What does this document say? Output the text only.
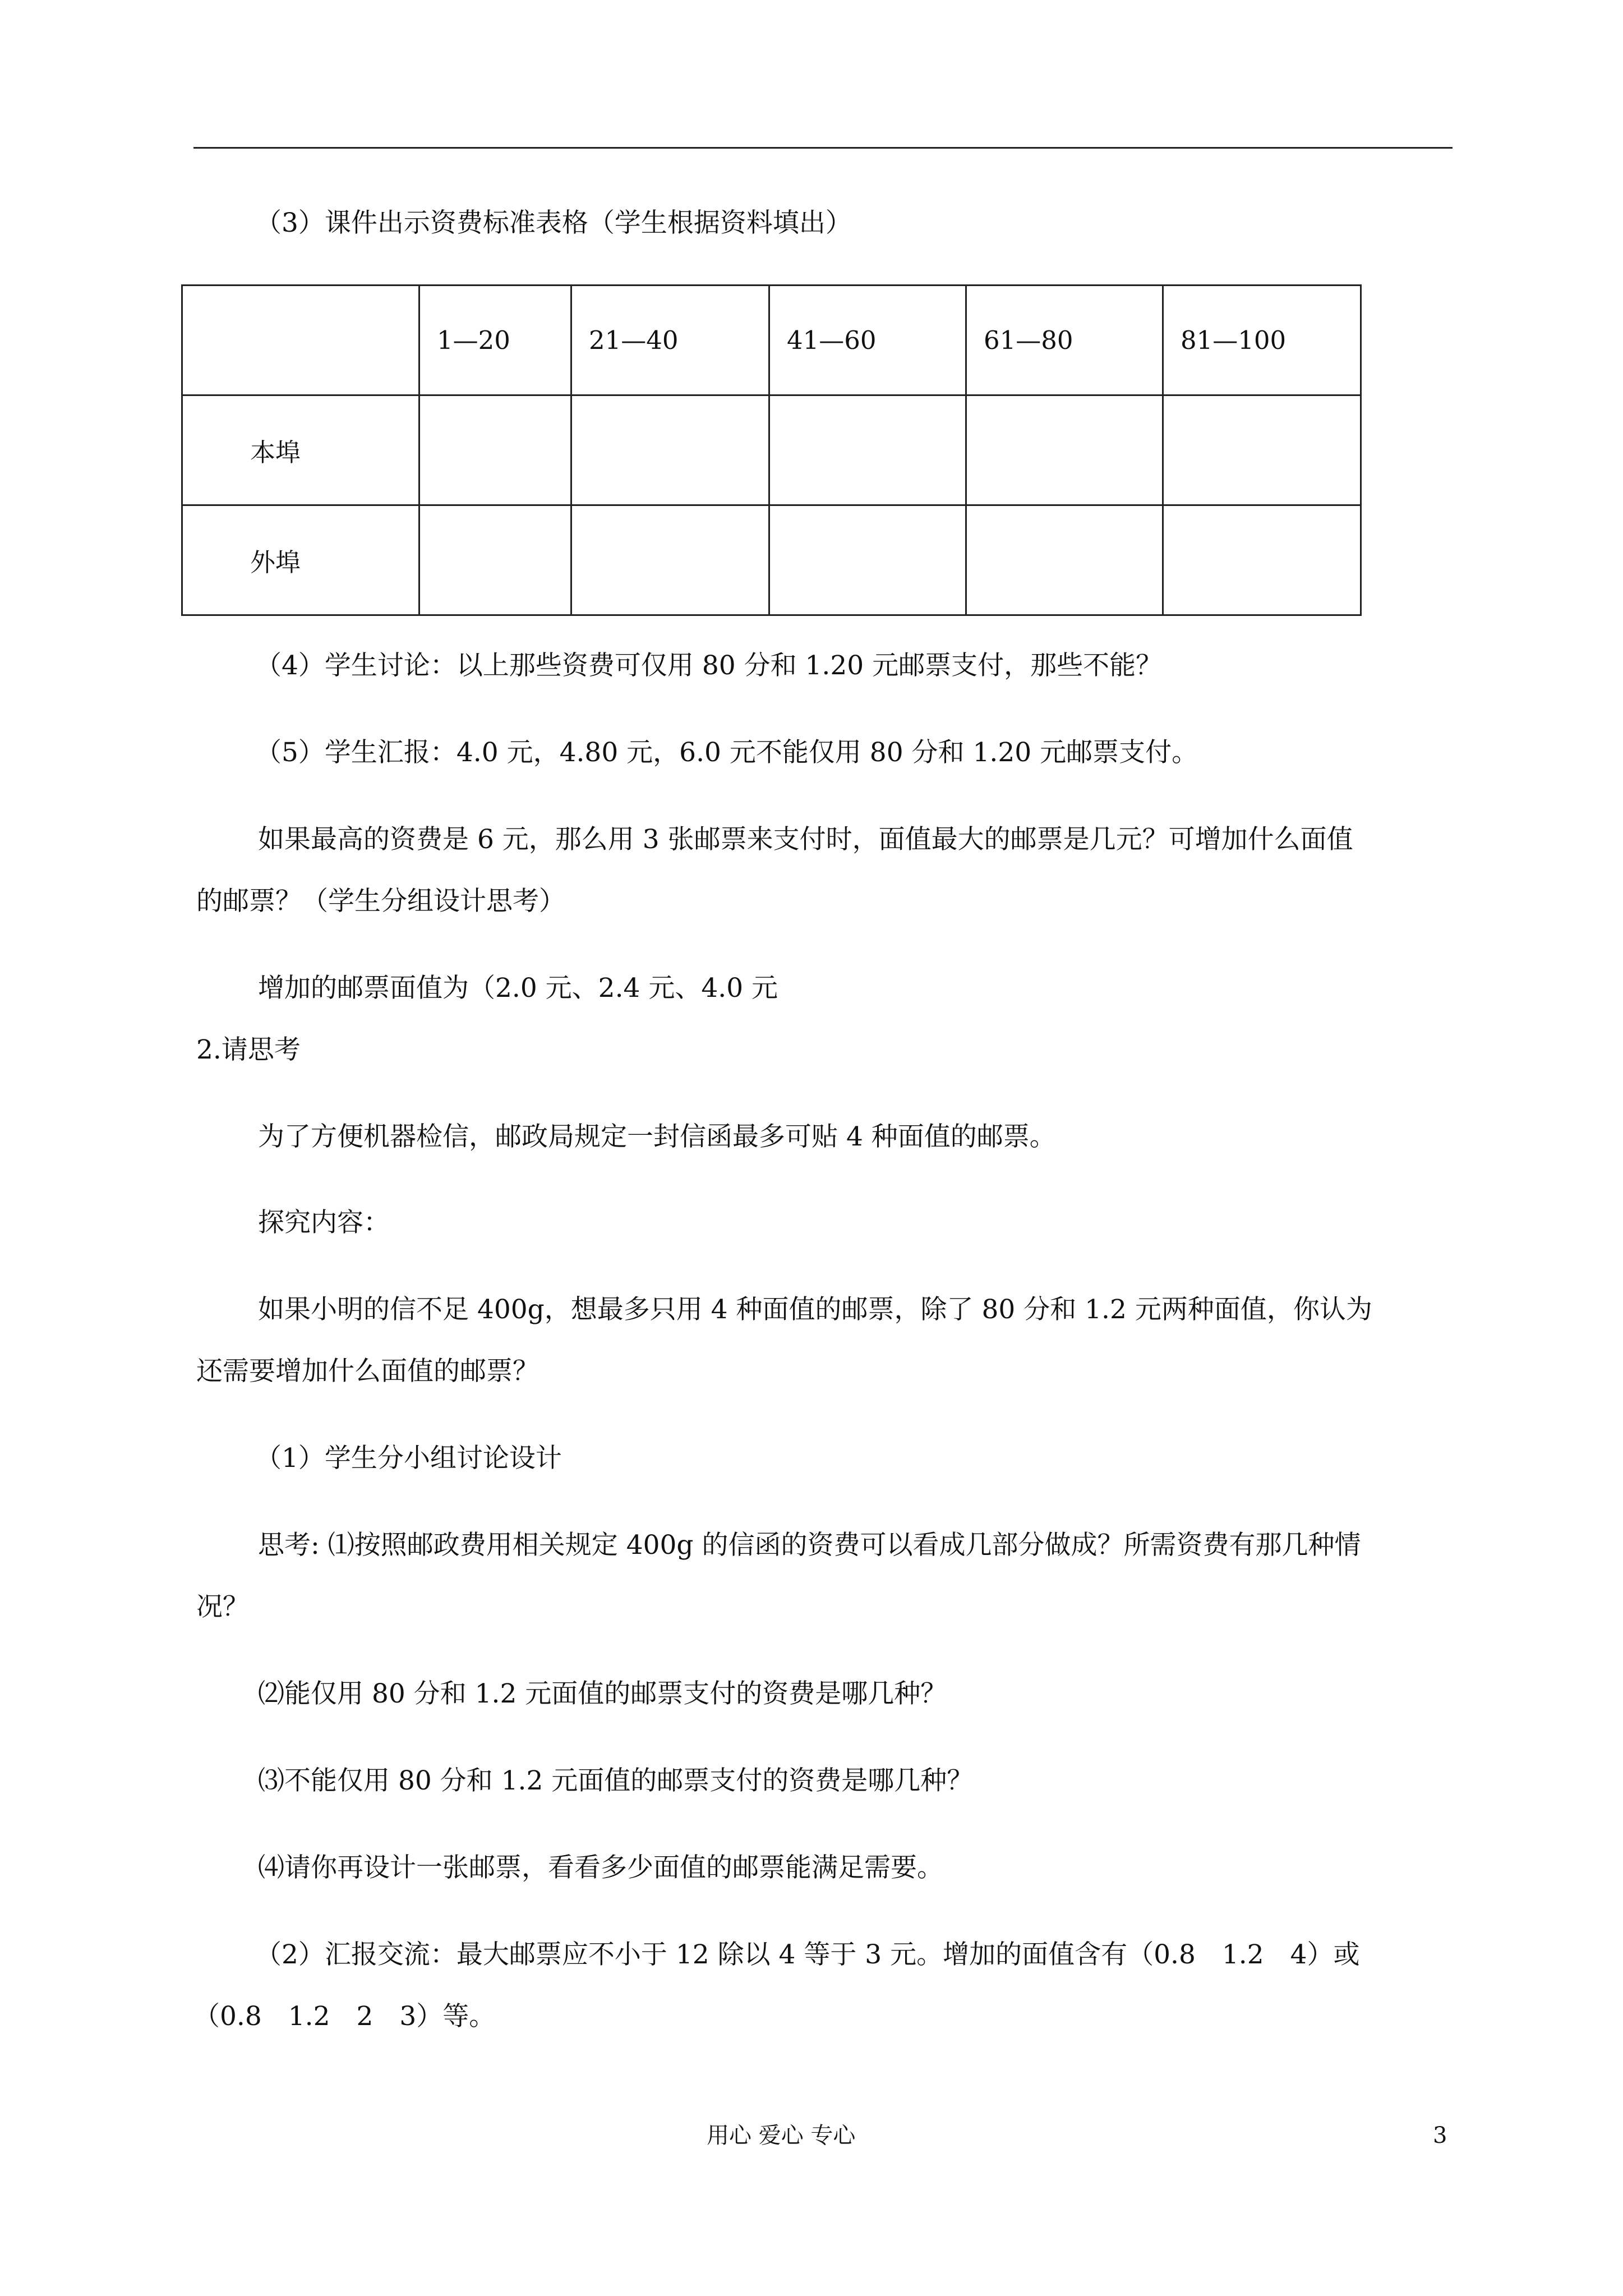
（3）课件出示资费标准表格（学生根据资料填出）
	1—20	21—40	41—60	61—80	81—100
本埠					
外埠					
（4）学生讨论：以上那些资费可仅用 80 分和 1.20 元邮票支付，那些不能？
（5）学生汇报：4.0 元，4.80 元，6.0 元不能仅用 80 分和 1.20 元邮票支付。
如果最高的资费是 6 元，那么用 3 张邮票来支付时，面值最大的邮票是几元？可增加什么面值
的邮票？（学生分组设计思考）
增加的邮票面值为（2.0 元、2.4 元、4.0 元
2.请思考
为了方便机器检信，邮政局规定一封信函最多可贴 4 种面值的邮票。
探究内容：
如果小明的信不足 400g，想最多只用 4 种面值的邮票，除了 80 分和 1.2 元两种面值，你认为
还需要增加什么面值的邮票？
（1）学生分小组讨论设计
思考: ⑴按照邮政费用相关规定 400g 的信函的资费可以看成几部分做成？所需资费有那几种情
况？
⑵能仅用 80 分和 1.2 元面值的邮票支付的资费是哪几种？
⑶不能仅用 80 分和 1.2 元面值的邮票支付的资费是哪几种？
⑷请你再设计一张邮票，看看多少面值的邮票能满足需要。
（2）汇报交流：最大邮票应不小于 12 除以 4 等于 3 元。增加的面值含有（0.8　1.2　4）或
（0.8　1.2　2　3）等。
用心 爱心 专心	3
